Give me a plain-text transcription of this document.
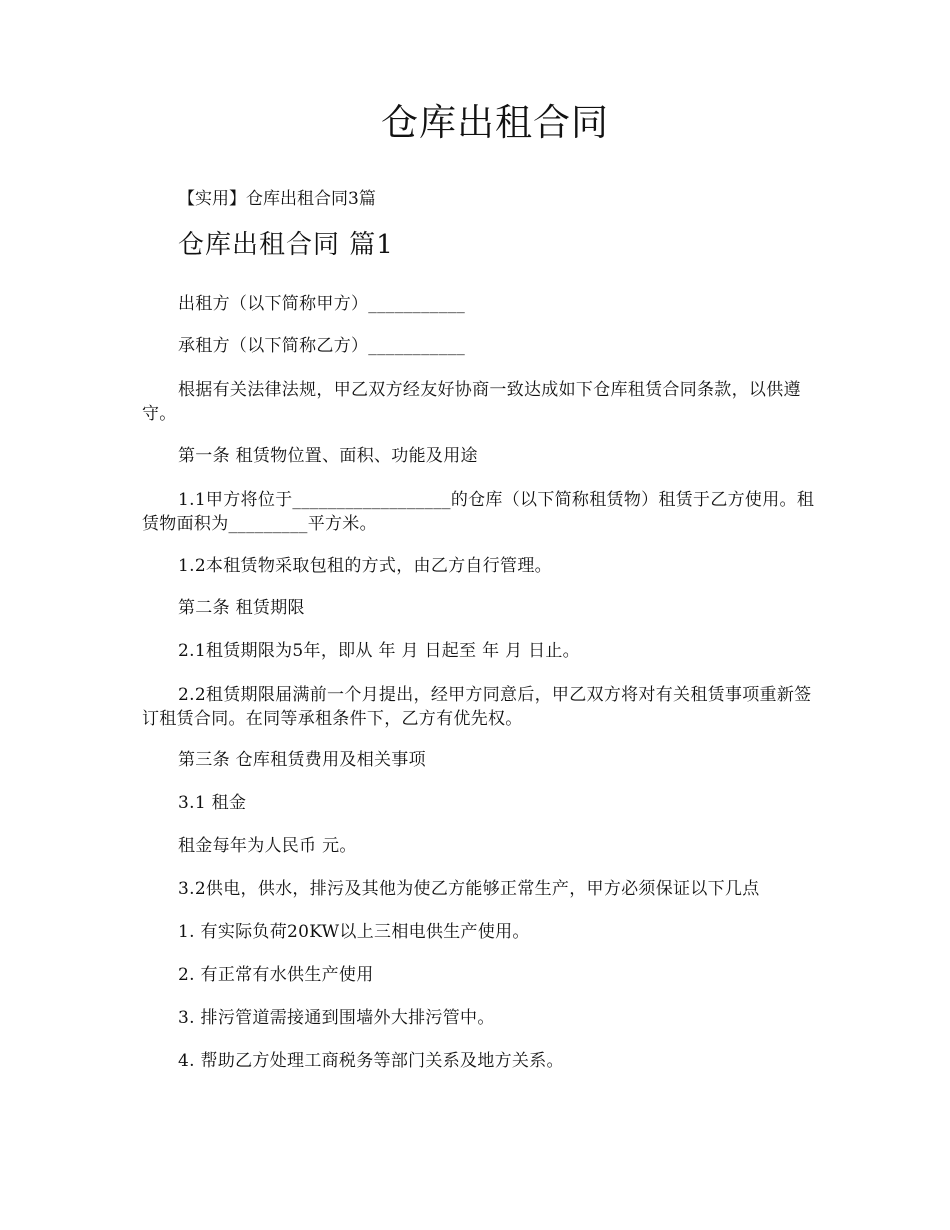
仓库出租合同

【实用】仓库出租合同3篇

仓库出租合同 篇1

出租方（以下简称甲方）___________

承租方（以下简称乙方）___________

根据有关法律法规，甲乙双方经友好协商一致达成如下仓库租赁合同条款，以供遵守。

第一条 租赁物位置、面积、功能及用途

1.1甲方将位于__________________的仓库（以下简称租赁物）租赁于乙方使用。租赁物面积为_________平方米。

1.2本租赁物采取包租的方式，由乙方自行管理。

第二条 租赁期限

2.1租赁期限为5年，即从 年 月 日起至 年 月 日止。

2.2租赁期限届满前一个月提出，经甲方同意后，甲乙双方将对有关租赁事项重新签订租赁合同。在同等承租条件下，乙方有优先权。

第三条 仓库租赁费用及相关事项

3.1 租金

租金每年为人民币 元。

3.2供电，供水，排污及其他为使乙方能够正常生产，甲方必须保证以下几点

1. 有实际负荷20KW以上三相电供生产使用。

2. 有正常有水供生产使用

3. 排污管道需接通到围墙外大排污管中。

4. 帮助乙方处理工商税务等部门关系及地方关系。
